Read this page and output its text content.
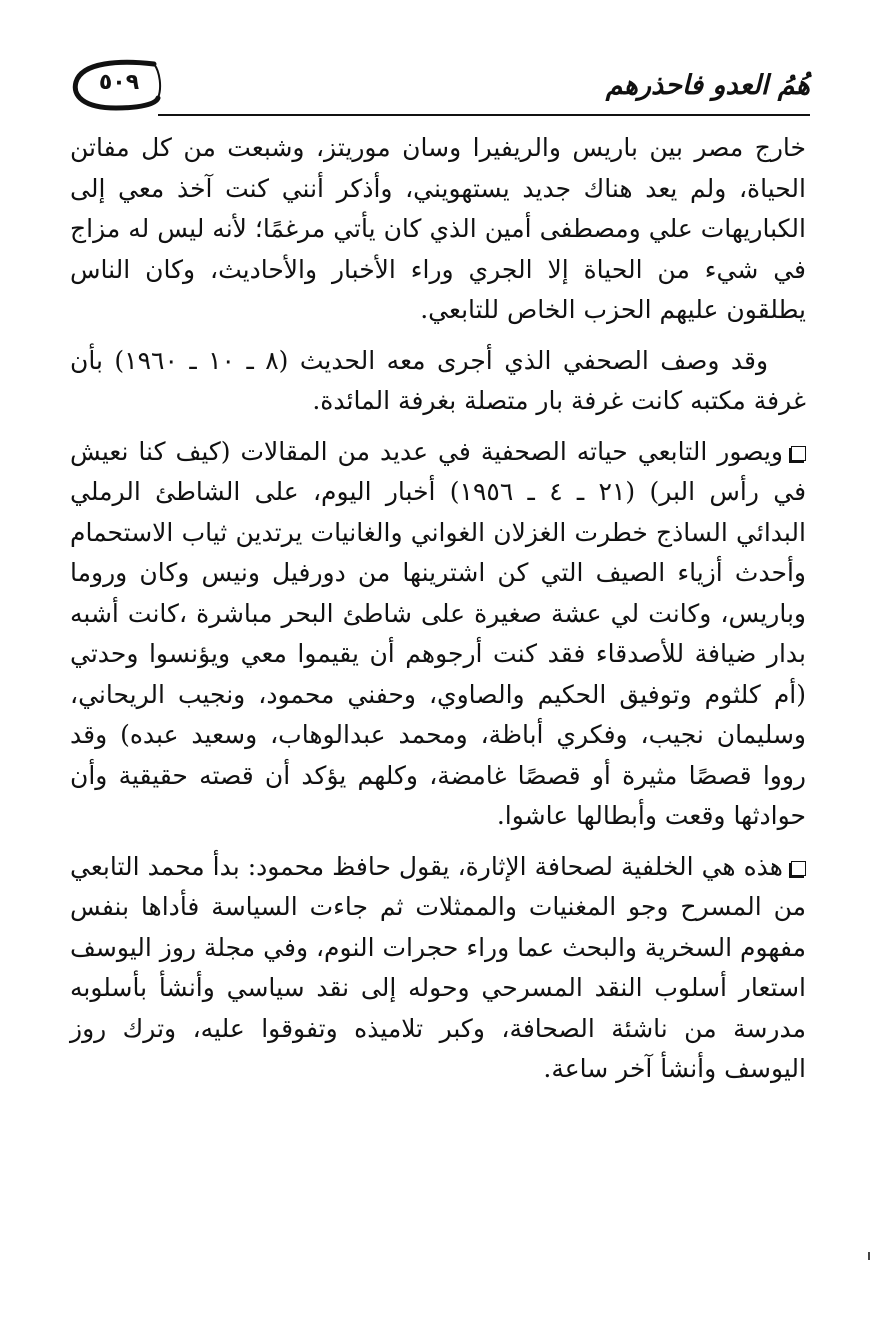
٥٠٩	هُمُ العدو فاحذرهم

خارج مصر بين باريس والريفيرا وسان موريتز، وشبعت من كل مفاتن الحياة، ولم يعد هناك جديد يستهويني، وأذكر أنني كنت آخذ معي إلى الكباريهات علي ومصطفى أمين الذي كان يأتي مرغمًا؛ لأنه ليس له مزاج في شيء من الحياة إلا الجري وراء الأخبار والأحاديث، وكان الناس يطلقون عليهم الحزب الخاص للتابعي.

وقد وصف الصحفي الذي أجرى معه الحديث (٨ ـ ١٠ ـ ١٩٦٠) بأن غرفة مكتبه كانت غرفة بار متصلة بغرفة المائدة.

ويصور التابعي حياته الصحفية في عديد من المقالات (كيف كنا نعيش في رأس البر) (٢١ ـ ٤ ـ ١٩٥٦) أخبار اليوم، على الشاطئ الرملي البدائي الساذج خطرت الغزلان الغواني والغانيات يرتدين ثياب الاستحمام وأحدث أزياء الصيف التي كن اشترينها من دورفيل ونيس وكان وروما وباريس، وكانت لي عشة صغيرة على شاطئ البحر مباشرة ،كانت أشبه بدار ضيافة للأصدقاء فقد كنت أرجوهم أن يقيموا معي ويؤنسوا وحدتي (أم كلثوم وتوفيق الحكيم والصاوي، وحفني محمود، ونجيب الريحاني، وسليمان نجيب، وفكري أباظة، ومحمد عبدالوهاب، وسعيد عبده) وقد رووا قصصًا مثيرة أو قصصًا غامضة، وكلهم يؤكد أن قصته حقيقية وأن حوادثها وقعت وأبطالها عاشوا.

هذه هي الخلفية لصحافة الإثارة، يقول حافظ محمود: بدأ محمد التابعي من المسرح وجو المغنيات والممثلات ثم جاءت السياسة فأداها بنفس مفهوم السخرية والبحث عما وراء حجرات النوم، وفي مجلة روز اليوسف استعار أسلوب النقد المسرحي وحوله إلى نقد سياسي وأنشأ بأسلوبه مدرسة من ناشئة الصحافة، وكبر تلاميذه وتفوقوا عليه، وترك روز اليوسف وأنشأ آخر ساعة.
